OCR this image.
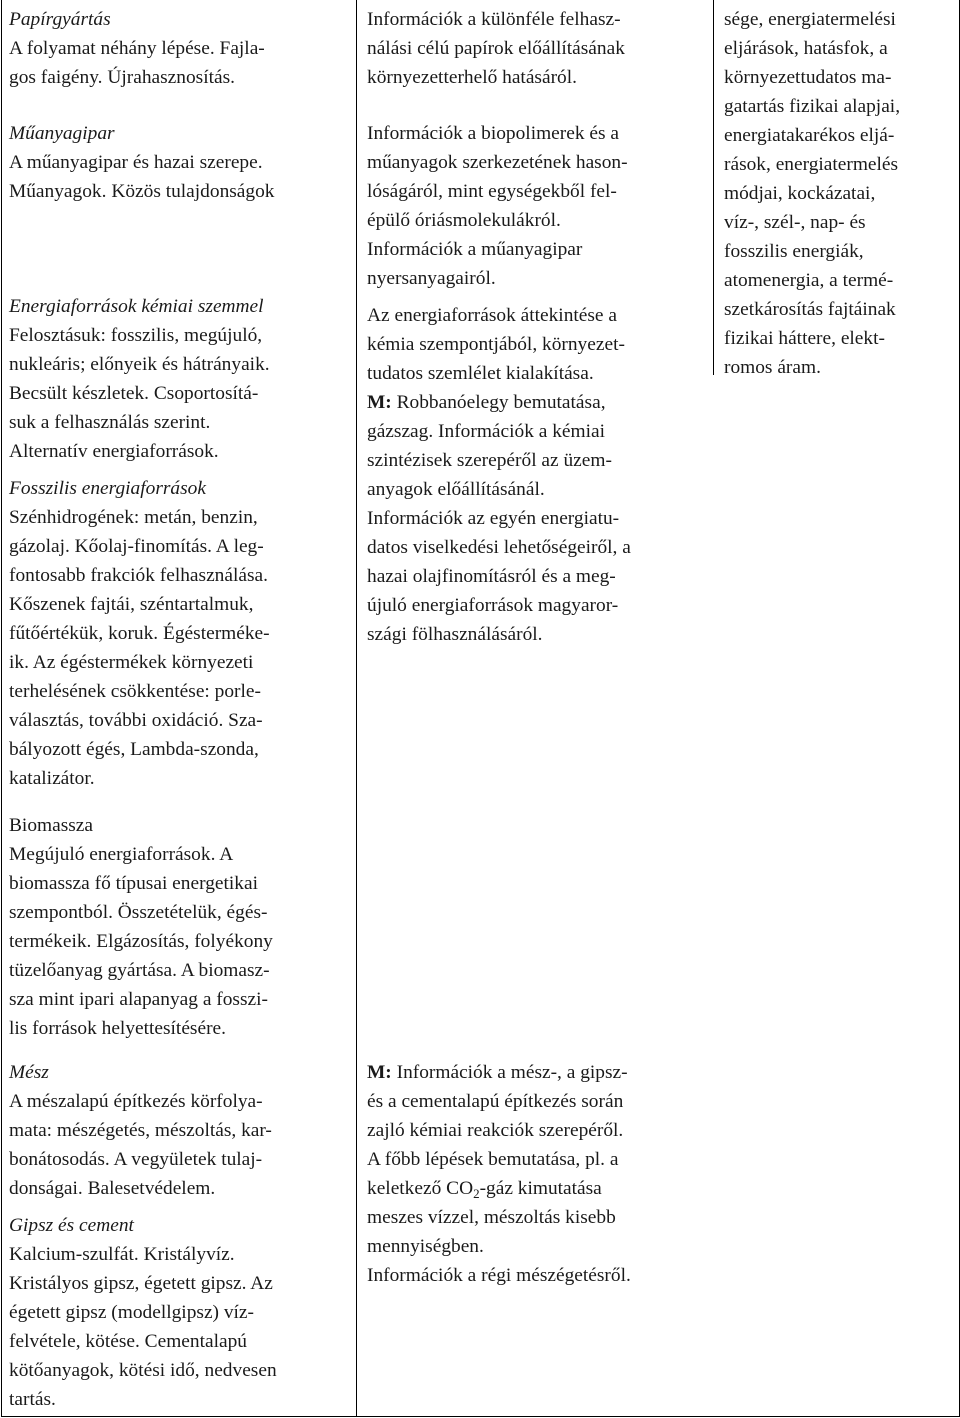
Papírgyártás
A folyamat néhány lépése. Fajla-
gos faigény. Újrahasznosítás.
Műanyagipar
A műanyagipar és hazai szerepe.
Műanyagok. Közös tulajdonságok
Energiaforrások kémiai szemmel
Felosztásuk: fosszilis, megújuló,
nukleáris; előnyeik és hátrányaik.
Becsült készletek. Csoportosítá-
suk a felhasználás szerint.
Alternatív energiaforrások.
Fosszilis energiaforrások
Szénhidrogének: metán, benzin,
gázolaj. Kőolaj-finomítás. A leg-
fontosabb frakciók felhasználása.
Kőszenek fajtái, széntartalmuk,
fűtőértékük, koruk. Égésterméke-
ik. Az égéstermékek környezeti
terhelésének csökkentése: porle-
választás, további oxidáció. Sza-
bályozott égés, Lambda-szonda,
katalizátor.
Biomassza
Megújuló energiaforrások. A
biomassza fő típusai energetikai
szempontból. Összetételük, égés-
termékeik. Elgázosítás, folyékony
tüzelőanyag gyártása. A biomasz-
sza mint ipari alapanyag a fosszi-
lis források helyettesítésére.
Mész
A mészalapú építkezés körfolya-
mata: mészégetés, mészoltás, kar-
bonátosodás. A vegyületek tulaj-
donságai. Balesetvédelem.
Gipsz és cement
Kalcium-szulfát. Kristályvíz.
Kristályos gipsz, égetett gipsz. Az
égetett gipsz (modellgipsz) víz-
felvétele, kötése. Cementalapú
kötőanyagok, kötési idő, nedvesen
tartás.
Információk a különféle felhasz-
nálási célú papírok előállításának
környezetterhelő hatásáról.
Információk a biopolimerek és a
műanyagok szerkezetének hason-
lóságáról, mint egységekből fel-
épülő óriásmolekulákról.
Információk a műanyagipar
nyersanyagairól.
Az energiaforrások áttekintése a
kémia szempontjából, környezet-
tudatos szemlélet kialakítása.
M: Robbanóelegy bemutatása,
gázszag. Információk a kémiai
szintézisek szerepéről az üzem-
anyagok előállításánál.
Információk az egyén energiatu-
datos viselkedési lehetőségeiről, a
hazai olajfinomításról és a meg-
újuló energiaforrások magyaror-
szági fölhasználásáról.
M: Információk a mész-, a gipsz-
és a cementalapú építkezés során
zajló kémiai reakciók szerepéről.
A főbb lépések bemutatása, pl. a
keletkező $CO_2$-gáz kimutatása
meszes vízzel, mészoltás kisebb
mennyiségben.
Információk a régi mészégetésről.
sége, energiatermelési
eljárások, hatásfok, a
környezettudatos ma-
gatartás fizikai alapjai,
energiatakarékos eljá-
rások, energiatermelés
módjai, kockázatai,
víz-, szél-, nap- és
fosszilis energiák,
atomenergia, a termé-
szetkárosítás fajtáinak
fizikai háttere, elekt-
romos áram.
